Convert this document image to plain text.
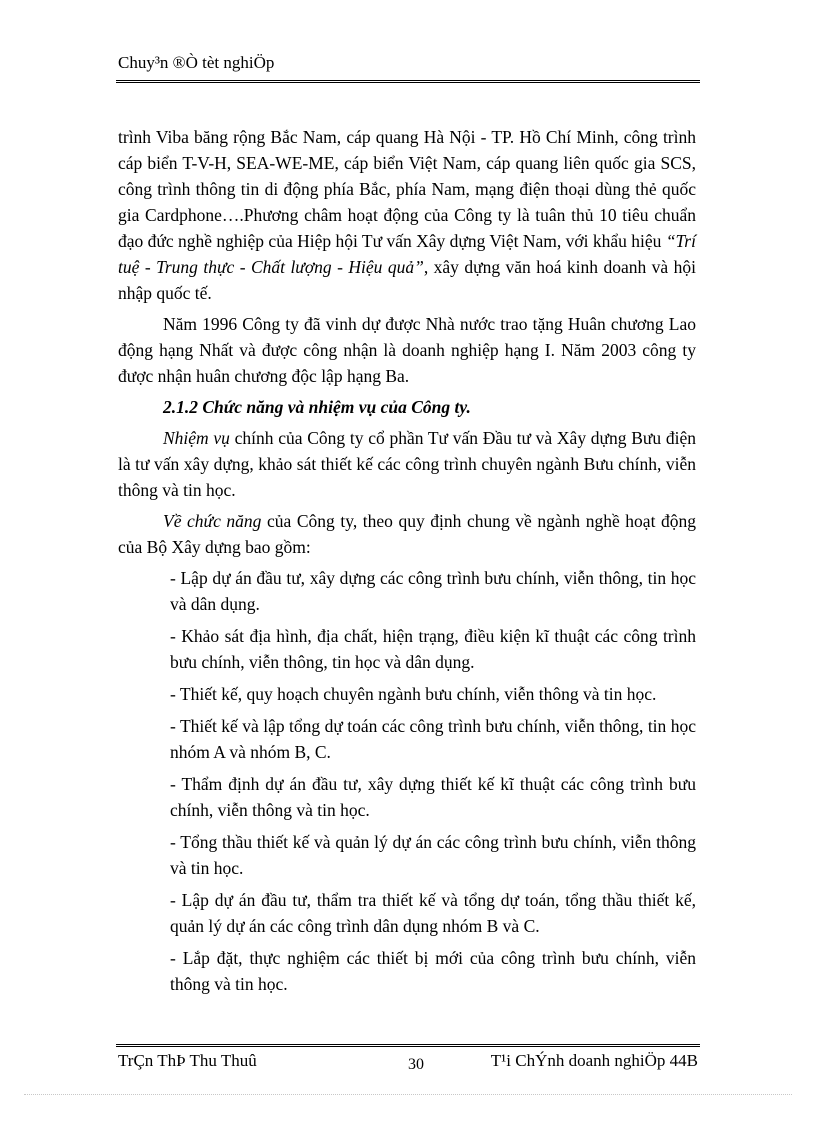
Chuy³n ®Ò tèt nghiÖp

trình Viba băng rộng Bắc Nam, cáp quang Hà Nội - TP. Hồ Chí Minh, công trình cáp biển T-V-H, SEA-WE-ME, cáp biển Việt Nam, cáp quang liên quốc gia SCS, công trình thông tin di động phía Bắc, phía Nam, mạng điện thoại dùng thẻ quốc gia Cardphone….Phương châm hoạt động của Công ty là tuân thủ 10 tiêu chuẩn đạo đức nghề nghiệp của Hiệp hội Tư vấn Xây dựng Việt Nam, với khẩu hiệu “Trí tuệ - Trung thực - Chất lượng - Hiệu quả”, xây dựng văn hoá kinh doanh và hội nhập quốc tế.

Năm 1996 Công ty đã vinh dự được Nhà nước trao tặng Huân chương Lao động hạng Nhất và được công nhận là doanh nghiệp hạng I. Năm 2003 công ty được nhận huân chương độc lập hạng Ba.

2.1.2 Chức năng và nhiệm vụ của Công ty.

Nhiệm vụ chính của Công ty cổ phần Tư vấn Đầu tư và Xây dựng Bưu điện là tư vấn xây dựng, khảo sát thiết kế các công trình chuyên ngành Bưu chính, viễn thông và tin học.

Về chức năng của Công ty, theo quy định chung về ngành nghề hoạt động của Bộ Xây dựng bao gồm:

- Lập dự án đầu tư, xây dựng các công trình bưu chính, viễn thông, tin học và dân dụng.

- Khảo sát địa hình, địa chất, hiện trạng, điều kiện kĩ thuật các công trình bưu chính, viễn thông, tin học và dân dụng.

- Thiết kế, quy hoạch chuyên ngành bưu chính, viễn thông và tin học.

- Thiết kế và lập tổng dự toán các công trình bưu chính, viễn thông, tin học nhóm A và nhóm B, C.

- Thẩm định dự án đầu tư, xây dựng thiết kế kĩ thuật các công trình bưu chính, viễn thông và tin học.

- Tổng thầu thiết kế và quản lý dự án các công trình bưu chính, viễn thông và tin học.

- Lập dự án đầu tư, thẩm tra thiết kế và tổng dự toán, tổng thầu thiết kế, quản lý dự án các công trình dân dụng nhóm B và C.

- Lắp đặt, thực nghiệm các thiết bị mới của công trình bưu chính, viễn thông và tin học.

TrÇn ThÞ Thu Thuû	30	T¹i ChÝnh doanh nghiÖp 44B
